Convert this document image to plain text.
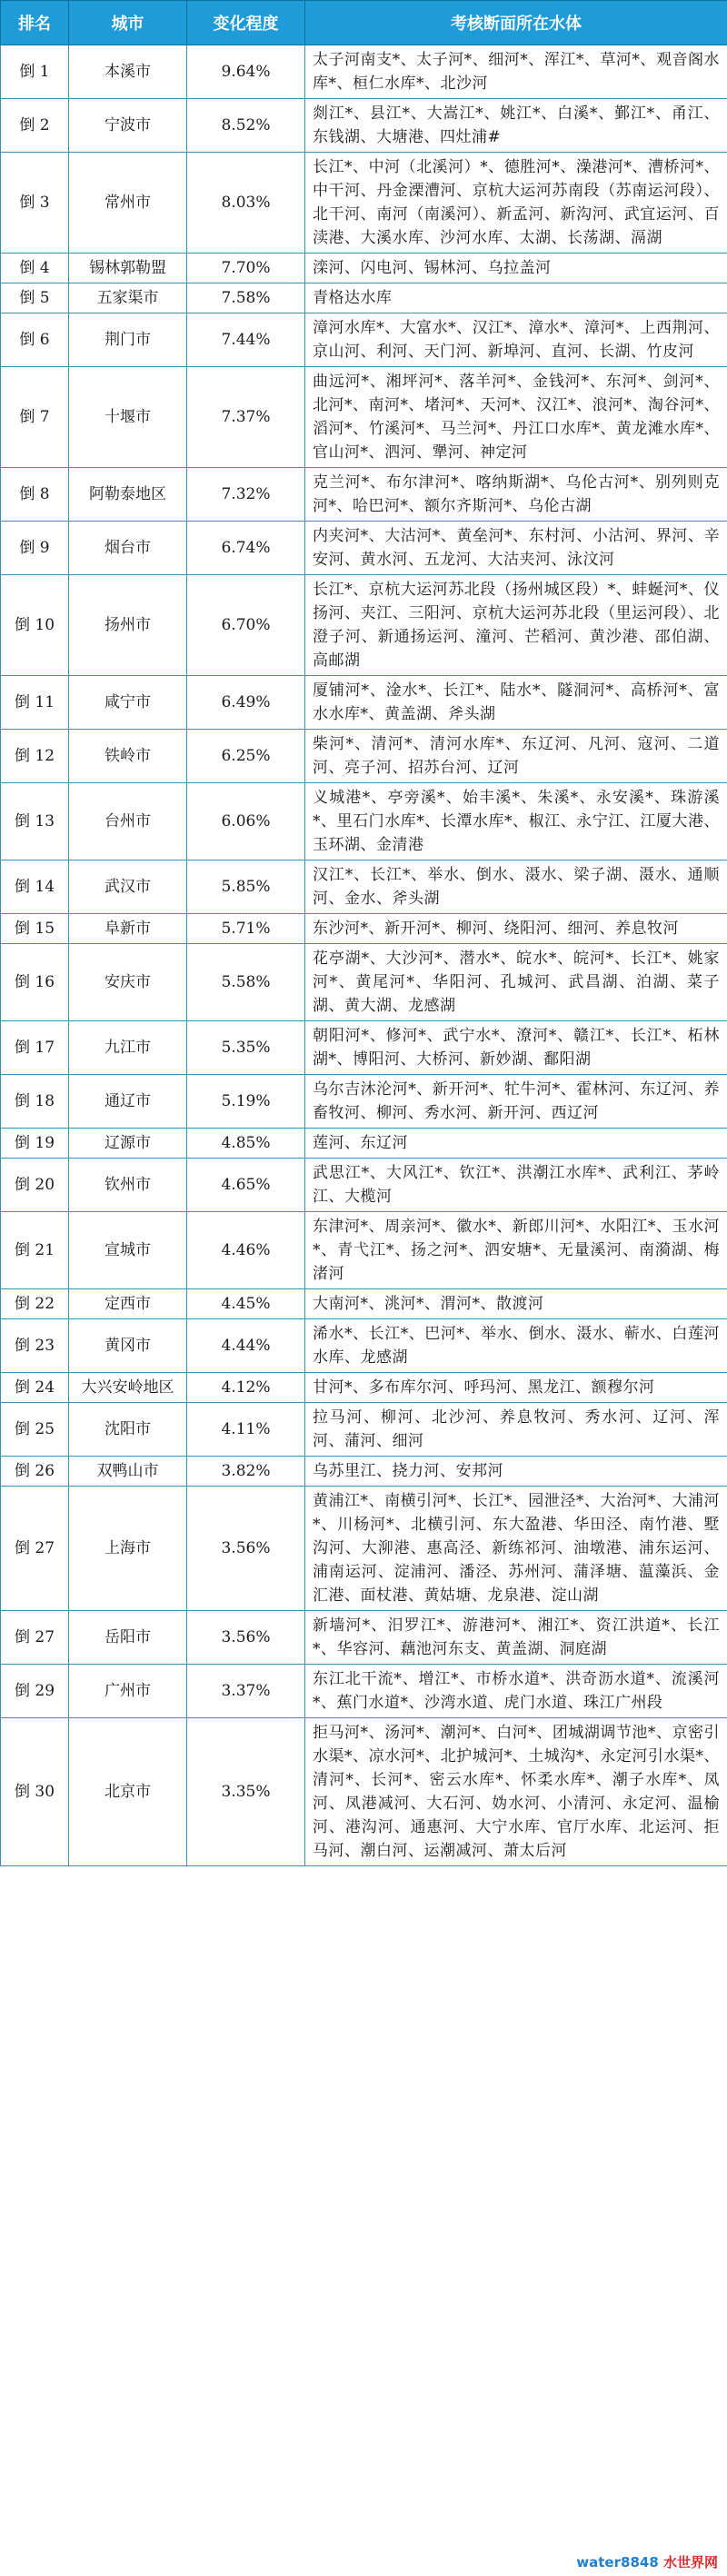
排名	城市	变化程度	考核断面所在水体
倒 1	本溪市	9.64%	太子河南支*、太子河*、细河*、浑江*、草河*、观音阁水库*、桓仁水库*、北沙河
倒 2	宁波市	8.52%	剡江*、县江*、大嵩江*、姚江*、白溪*、鄞江*、甬江、东钱湖、大塘港、四灶浦#
倒 3	常州市	8.03%	长江*、中河（北溪河）*、德胜河*、澡港河*、漕桥河*、中干河、丹金溧漕河、京杭大运河苏南段（苏南运河段）、北干河、南河（南溪河）、新孟河、新沟河、武宜运河、百渎港、大溪水库、沙河水库、太湖、长荡湖、滆湖
倒 4	锡林郭勒盟	7.70%	滦河、闪电河、锡林河、乌拉盖河
倒 5	五家渠市	7.58%	青格达水库
倒 6	荆门市	7.44%	漳河水库*、大富水*、汉江*、漳水*、漳河*、上西荆河、京山河、利河、天门河、新埠河、直河、长湖、竹皮河
倒 7	十堰市	7.37%	曲远河*、湘坪河*、落羊河*、金钱河*、东河*、剑河*、北河*、南河*、堵河*、天河*、汉江*、浪河*、淘谷河*、滔河*、竹溪河*、马兰河*、丹江口水库*、黄龙滩水库*、官山河*、泗河、犟河、神定河
倒 8	阿勒泰地区	7.32%	克兰河*、布尔津河*、喀纳斯湖*、乌伦古河*、别列则克河*、哈巴河*、额尔齐斯河*、乌伦古湖
倒 9	烟台市	6.74%	内夹河*、大沽河*、黄垒河*、东村河、小沽河、界河、辛安河、黄水河、五龙河、大沽夹河、泳汶河
倒 10	扬州市	6.70%	长江*、京杭大运河苏北段（扬州城区段）*、蚌蜒河*、仪扬河、夹江、三阳河、京杭大运河苏北段（里运河段）、北澄子河、新通扬运河、潼河、芒稻河、黄沙港、邵伯湖、高邮湖
倒 11	咸宁市	6.49%	厦铺河*、淦水*、长江*、陆水*、隧洞河*、高桥河*、富水水库*、黄盖湖、斧头湖
倒 12	铁岭市	6.25%	柴河*、清河*、清河水库*、东辽河、凡河、寇河、二道河、亮子河、招苏台河、辽河
倒 13	台州市	6.06%	义城港*、亭旁溪*、始丰溪*、朱溪*、永安溪*、珠游溪*、里石门水库*、长潭水库*、椒江、永宁江、江厦大港、玉环湖、金清港
倒 14	武汉市	5.85%	汉江*、长江*、举水、倒水、滠水、梁子湖、滠水、通顺河、金水、斧头湖
倒 15	阜新市	5.71%	东沙河*、新开河*、柳河、绕阳河、细河、养息牧河
倒 16	安庆市	5.58%	花亭湖*、大沙河*、潜水*、皖水*、皖河*、长江*、姚家河*、黄尾河*、华阳河、孔城河、武昌湖、泊湖、菜子湖、黄大湖、龙感湖
倒 17	九江市	5.35%	朝阳河*、修河*、武宁水*、潦河*、赣江*、长江*、柘林湖*、博阳河、大桥河、新妙湖、鄱阳湖
倒 18	通辽市	5.19%	乌尔吉沐沦河*、新开河*、牤牛河*、霍林河、东辽河、养畜牧河、柳河、秀水河、新开河、西辽河
倒 19	辽源市	4.85%	莲河、东辽河
倒 20	钦州市	4.65%	武思江*、大风江*、钦江*、洪潮江水库*、武利江、茅岭江、大榄河
倒 21	宣城市	4.46%	东津河*、周亲河*、徽水*、新郎川河*、水阳江*、玉水河*、青弋江*、扬之河*、泗安塘*、无量溪河、南漪湖、梅渚河
倒 22	定西市	4.45%	大南河*、洮河*、渭河*、散渡河
倒 23	黄冈市	4.44%	浠水*、长江*、巴河*、举水、倒水、滠水、蕲水、白莲河水库、龙感湖
倒 24	大兴安岭地区	4.12%	甘河*、多布库尔河、呼玛河、黑龙江、额穆尔河
倒 25	沈阳市	4.11%	拉马河、柳河、北沙河、养息牧河、秀水河、辽河、浑河、蒲河、细河
倒 26	双鸭山市	3.82%	乌苏里江、挠力河、安邦河
倒 27	上海市	3.56%	黄浦江*、南横引河*、长江*、园泄泾*、大治河*、大浦河*、川杨河*、北横引河、东大盈港、华田泾、南竹港、墅沟河、大泖港、惠高泾、新练祁河、油墩港、浦东运河、浦南运河、淀浦河、潘泾、苏州河、蒲泽塘、蕰藻浜、金汇港、面杖港、黄姑塘、龙泉港、淀山湖
倒 27	岳阳市	3.56%	新墙河*、汨罗江*、游港河*、湘江*、资江洪道*、长江*、华容河、藕池河东支、黄盖湖、洞庭湖
倒 29	广州市	3.37%	东江北干流*、增江*、市桥水道*、洪奇沥水道*、流溪河*、蕉门水道*、沙湾水道、虎门水道、珠江广州段
倒 30	北京市	3.35%	拒马河*、汤河*、潮河*、白河*、团城湖调节池*、京密引水渠*、凉水河*、北护城河*、土城沟*、永定河引水渠*、清河*、长河*、密云水库*、怀柔水库*、潮子水库*、凤河、凤港减河、大石河、妫水河、小清河、永定河、温榆河、港沟河、通惠河、大宁水库、官厅水库、北运河、拒马河、潮白河、运潮减河、萧太后河
water8848 水世界网
